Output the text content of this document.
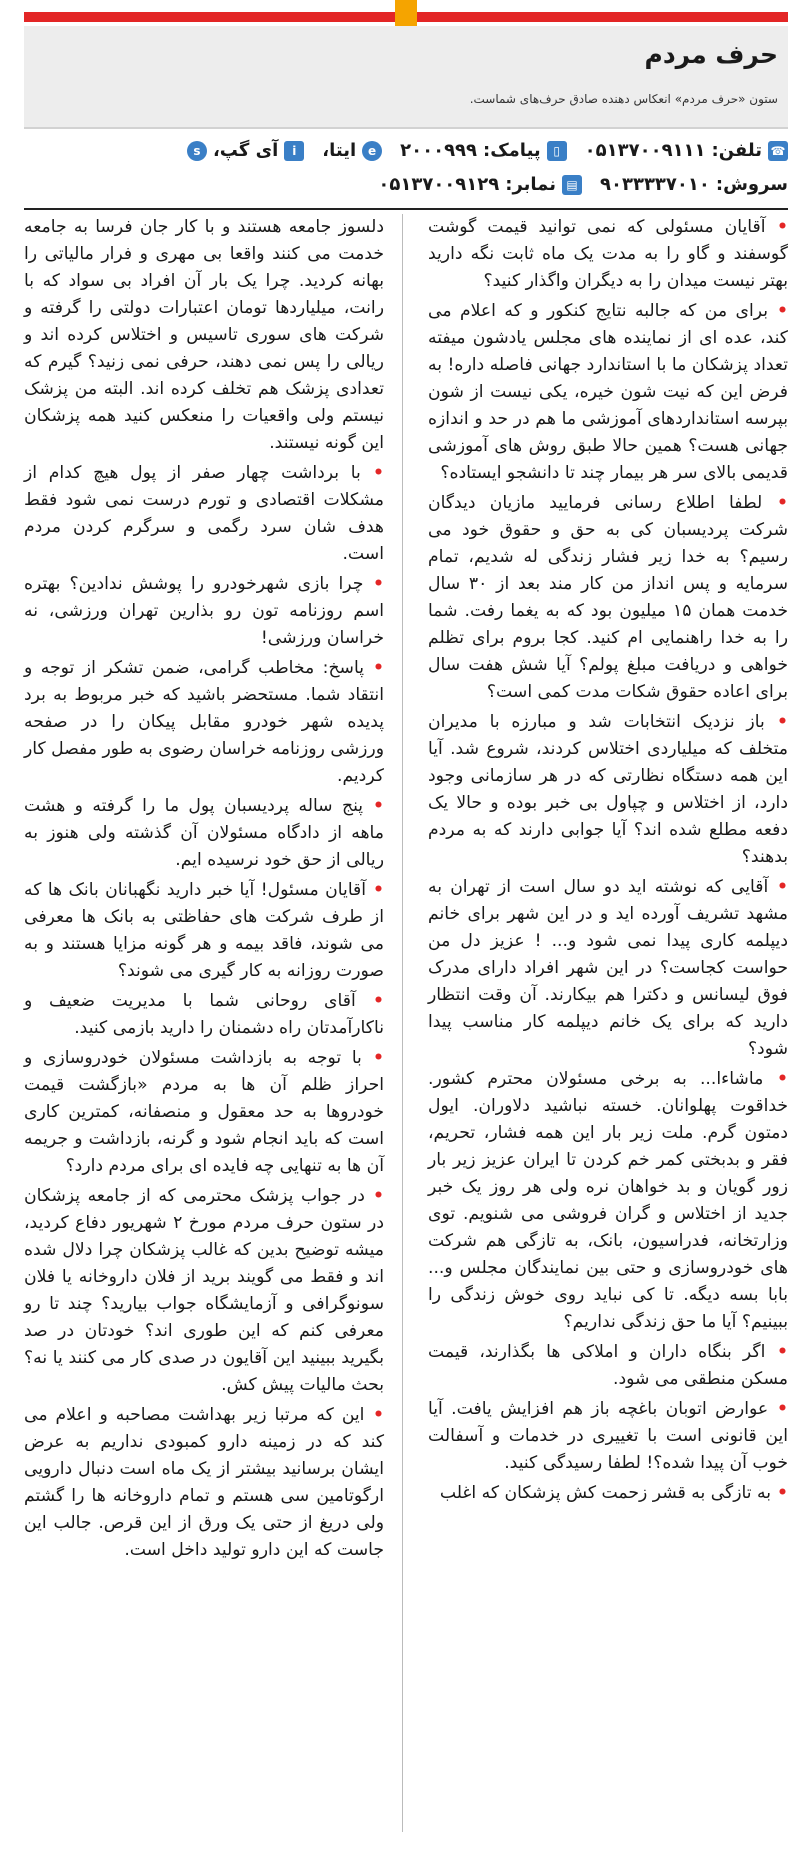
حرف مردم
ستون «حرف مردم» انعکاس دهنده صادق حرف‌های شماست.
☎
تلفن:
۰۵۱۳۷۰۰۹۱۱۱
▯
پیامک:
۲۰۰۰۹۹۹
e
ایتا،
i
آی گپ،
s
سروش:
۹۰۳۳۳۳۷۰۱۰
▤
نمابر:
۰۵۱۳۷۰۰۹۱۲۹

• آقایان مسئولی که نمی توانید قیمت گوشت گوسفند و گاو را به مدت یک ماه ثابت نگه دارید بهتر نیست میدان را به دیگران واگذار کنید؟

• برای من که جالبه نتایج کنکور و که اعلام می کند، عده ای از نماینده های مجلس یادشون میفته تعداد پزشکان ما با استاندارد جهانی فاصله داره! به فرض این که نیت شون خیره، یکی نیست از شون بپرسه استانداردهای آموزشی ما هم در حد و اندازه جهانی هست؟ همین حالا طبق روش های آموزشی قدیمی بالای سر هر بیمار چند تا دانشجو ایستاده؟

• لطفا اطلاع رسانی فرمایید مازیان دیدگان شرکت پردیسبان کی به حق و حقوق خود می رسیم؟ به خدا زیر فشار زندگی له شدیم، تمام سرمایه و پس انداز من کار مند بعد از ۳۰ سال خدمت همان ۱۵ میلیون بود که به یغما رفت. شما را به خدا راهنمایی ام کنید. کجا بروم برای تظلم خواهی و دریافت مبلغ پولم؟ آیا شش هفت سال برای اعاده حقوق شکات مدت کمی است؟

• باز نزدیک انتخابات شد و مبارزه با مدیران متخلف که میلیاردی اختلاس کردند، شروع شد. آیا این همه دستگاه نظارتی که در هر سازمانی وجود دارد، از اختلاس و چپاول بی خبر بوده و حالا یک دفعه مطلع شده اند؟ آیا جوابی دارند که به مردم بدهند؟

• آقایی که نوشته اید دو سال است از تهران به مشهد تشریف آورده اید و در این شهر برای خانم دیپلمه کاری پیدا نمی شود و... ! عزیز دل من حواست کجاست؟ در این شهر افراد دارای مدرک فوق لیسانس و دکترا هم بیکارند. آن وقت انتظار دارید که برای یک خانم دیپلمه کار مناسب پیدا شود؟

• ماشاءا... به برخی مسئولان محترم کشور. خداقوت پهلوانان. خسته نباشید دلاوران. ایول دمتون گرم. ملت زیر بار این همه فشار، تحریم، فقر و بدبختی کمر خم کردن تا ایران عزیز زیر بار زور گویان و بد خواهان نره ولی هر روز یک خبر جدید از اختلاس و گران فروشی می شنویم. توی وزارتخانه، فدراسیون، بانک، به تازگی هم شرکت های خودروسازی و حتی بین نمایندگان مجلس و... بابا بسه دیگه. تا کی نباید روی خوش زندگی را ببینیم؟ آیا ما حق زندگی نداریم؟

• اگر بنگاه داران و املاکی ها بگذارند، قیمت مسکن منطقی می شود.

• عوارض اتوبان باغچه باز هم افزایش یافت. آیا این قانونی است با تغییری در خدمات و آسفالت خوب آن پیدا شده؟! لطفا رسیدگی کنید.

• به تازگی به قشر زحمت کش پزشکان که اغلب

دلسوز جامعه هستند و با کار جان فرسا به جامعه خدمت می کنند واقعا بی مهری و فرار مالیاتی را بهانه کردید. چرا یک بار آن افراد بی سواد که با رانت، میلیاردها تومان اعتبارات دولتی را گرفته و شرکت های سوری تاسیس و اختلاس کرده اند و ریالی را پس نمی دهند، حرفی نمی زنید؟ گیرم که تعدادی پزشک هم تخلف کرده اند. البته من پزشک نیستم ولی واقعیات را منعکس کنید همه پزشکان این گونه نیستند.

• با برداشت چهار صفر از پول هیچ کدام از مشکلات اقتصادی و تورم درست نمی شود فقط هدف شان سرد رگمی و سرگرم کردن مردم است.

• چرا بازی شهرخودرو را پوشش ندادین؟ بهتره اسم روزنامه تون رو بذارین تهران ورزشی، نه خراسان ورزشی!

• پاسخ: مخاطب گرامی، ضمن تشکر از توجه و انتقاد شما. مستحضر باشید که خبر مربوط به برد پدیده شهر خودرو مقابل پیکان را در صفحه ورزشی روزنامه خراسان رضوی به طور مفصل کار کردیم.

• پنج ساله پردیسبان پول ما را گرفته و هشت ماهه از دادگاه مسئولان آن گذشته ولی هنوز به ریالی از حق خود نرسیده ایم.

• آقایان مسئول! آیا خبر دارید نگهبانان بانک ها که از طرف شرکت های حفاظتی به بانک ها معرفی می شوند، فاقد بیمه و هر گونه مزایا هستند و به صورت روزانه به کار گیری می شوند؟

• آقای روحانی شما با مدیریت ضعیف و ناکارآمدتان راه دشمنان را دارید بازمی کنید.

• با توجه به بازداشت مسئولان خودروسازی و احراز ظلم آن ها به مردم «بازگشت قیمت خودروها به حد معقول و منصفانه، کمترین کاری است که باید انجام شود و گرنه، بازداشت و جریمه آن ها به تنهایی چه فایده ای برای مردم دارد؟

• در جواب پزشک محترمی که از جامعه پزشکان در ستون حرف مردم مورخ ۲ شهریور دفاع کردید، میشه توضیح بدین که غالب پزشکان چرا دلال شده اند و فقط می گویند برید از فلان داروخانه یا فلان سونوگرافی و آزمایشگاه جواب بیارید؟ چند تا رو معرفی کنم که این طوری اند؟ خودتان در صد بگیرید ببینید این آقایون در صدی کار می کنند یا نه؟ بحث مالیات پیش کش.

• این که مرتبا زیر بهداشت مصاحبه و اعلام می کند که در زمینه دارو کمبودی نداریم به عرض ایشان برسانید بیشتر از یک ماه است دنبال دارویی ارگوتامین سی هستم و تمام داروخانه ها را گشتم ولی دریغ از حتی یک ورق از این قرص. جالب این جاست که این دارو تولید داخل است.
